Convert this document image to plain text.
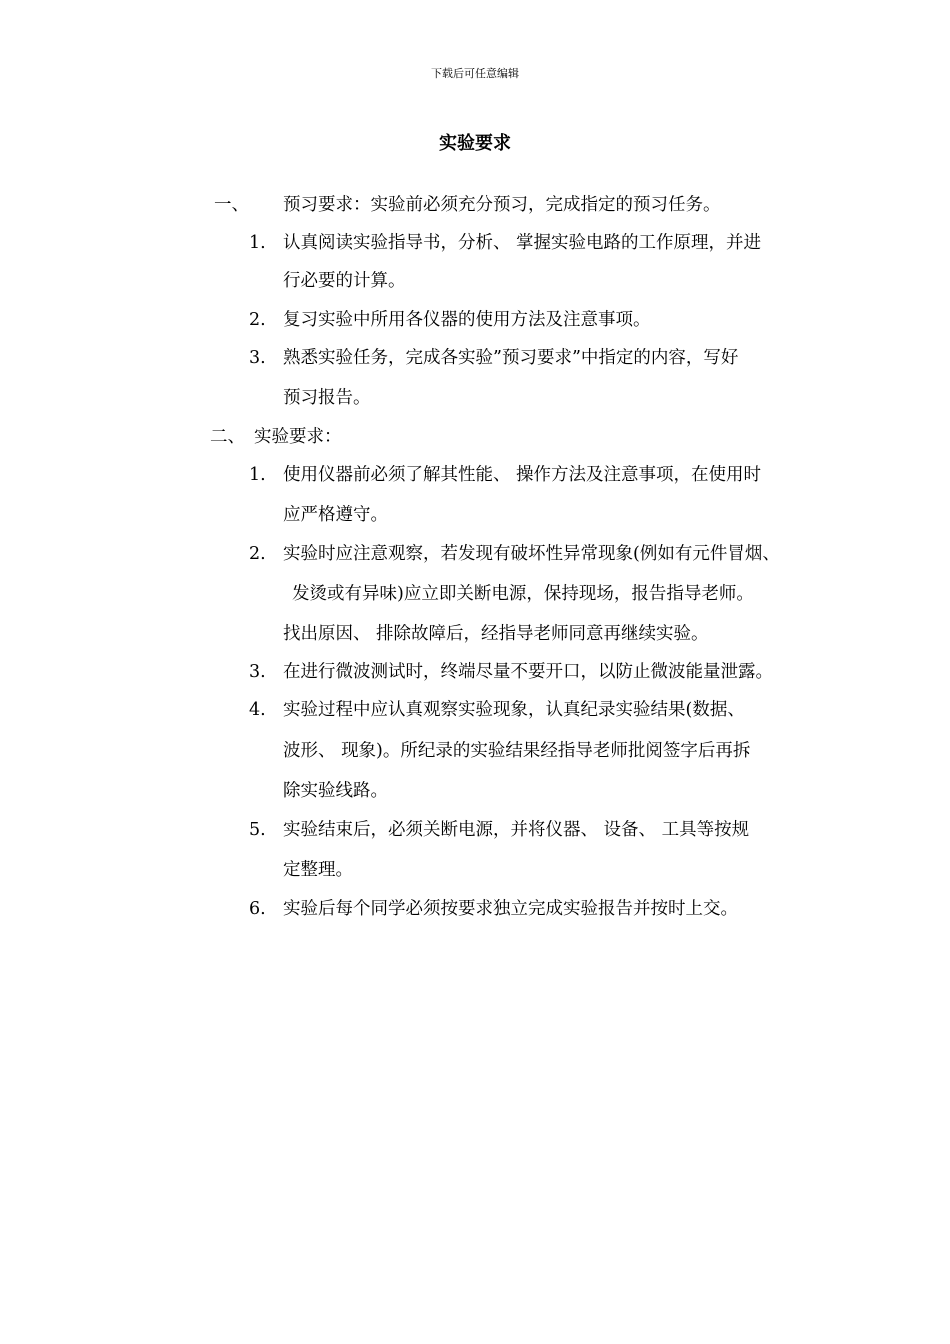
下载后可任意编辑
实验要求
一、 预习要求：实验前必须充分预习，完成指定的预习任务。
1. 认真阅读实验指导书，分析、 掌握实验电路的工作原理，并进
行必要的计算。
2. 复习实验中所用各仪器的使用方法及注意事项。
3. 熟悉实验任务，完成各实验”预习要求”中指定的内容，写好
预习报告。
二、 实验要求：
1. 使用仪器前必须了解其性能、 操作方法及注意事项，在使用时
应严格遵守。
2. 实验时应注意观察，若发现有破坏性异常现象(例如有元件冒烟、
发烫或有异味)应立即关断电源，保持现场，报告指导老师。
找出原因、 排除故障后，经指导老师同意再继续实验。
3. 在进行微波测试时，终端尽量不要开口，以防止微波能量泄露。
4. 实验过程中应认真观察实验现象，认真纪录实验结果(数据、
波形、 现象)。所纪录的实验结果经指导老师批阅签字后再拆
除实验线路。
5. 实验结束后，必须关断电源，并将仪器、 设备、 工具等按规
定整理。
6. 实验后每个同学必须按要求独立完成实验报告并按时上交。
